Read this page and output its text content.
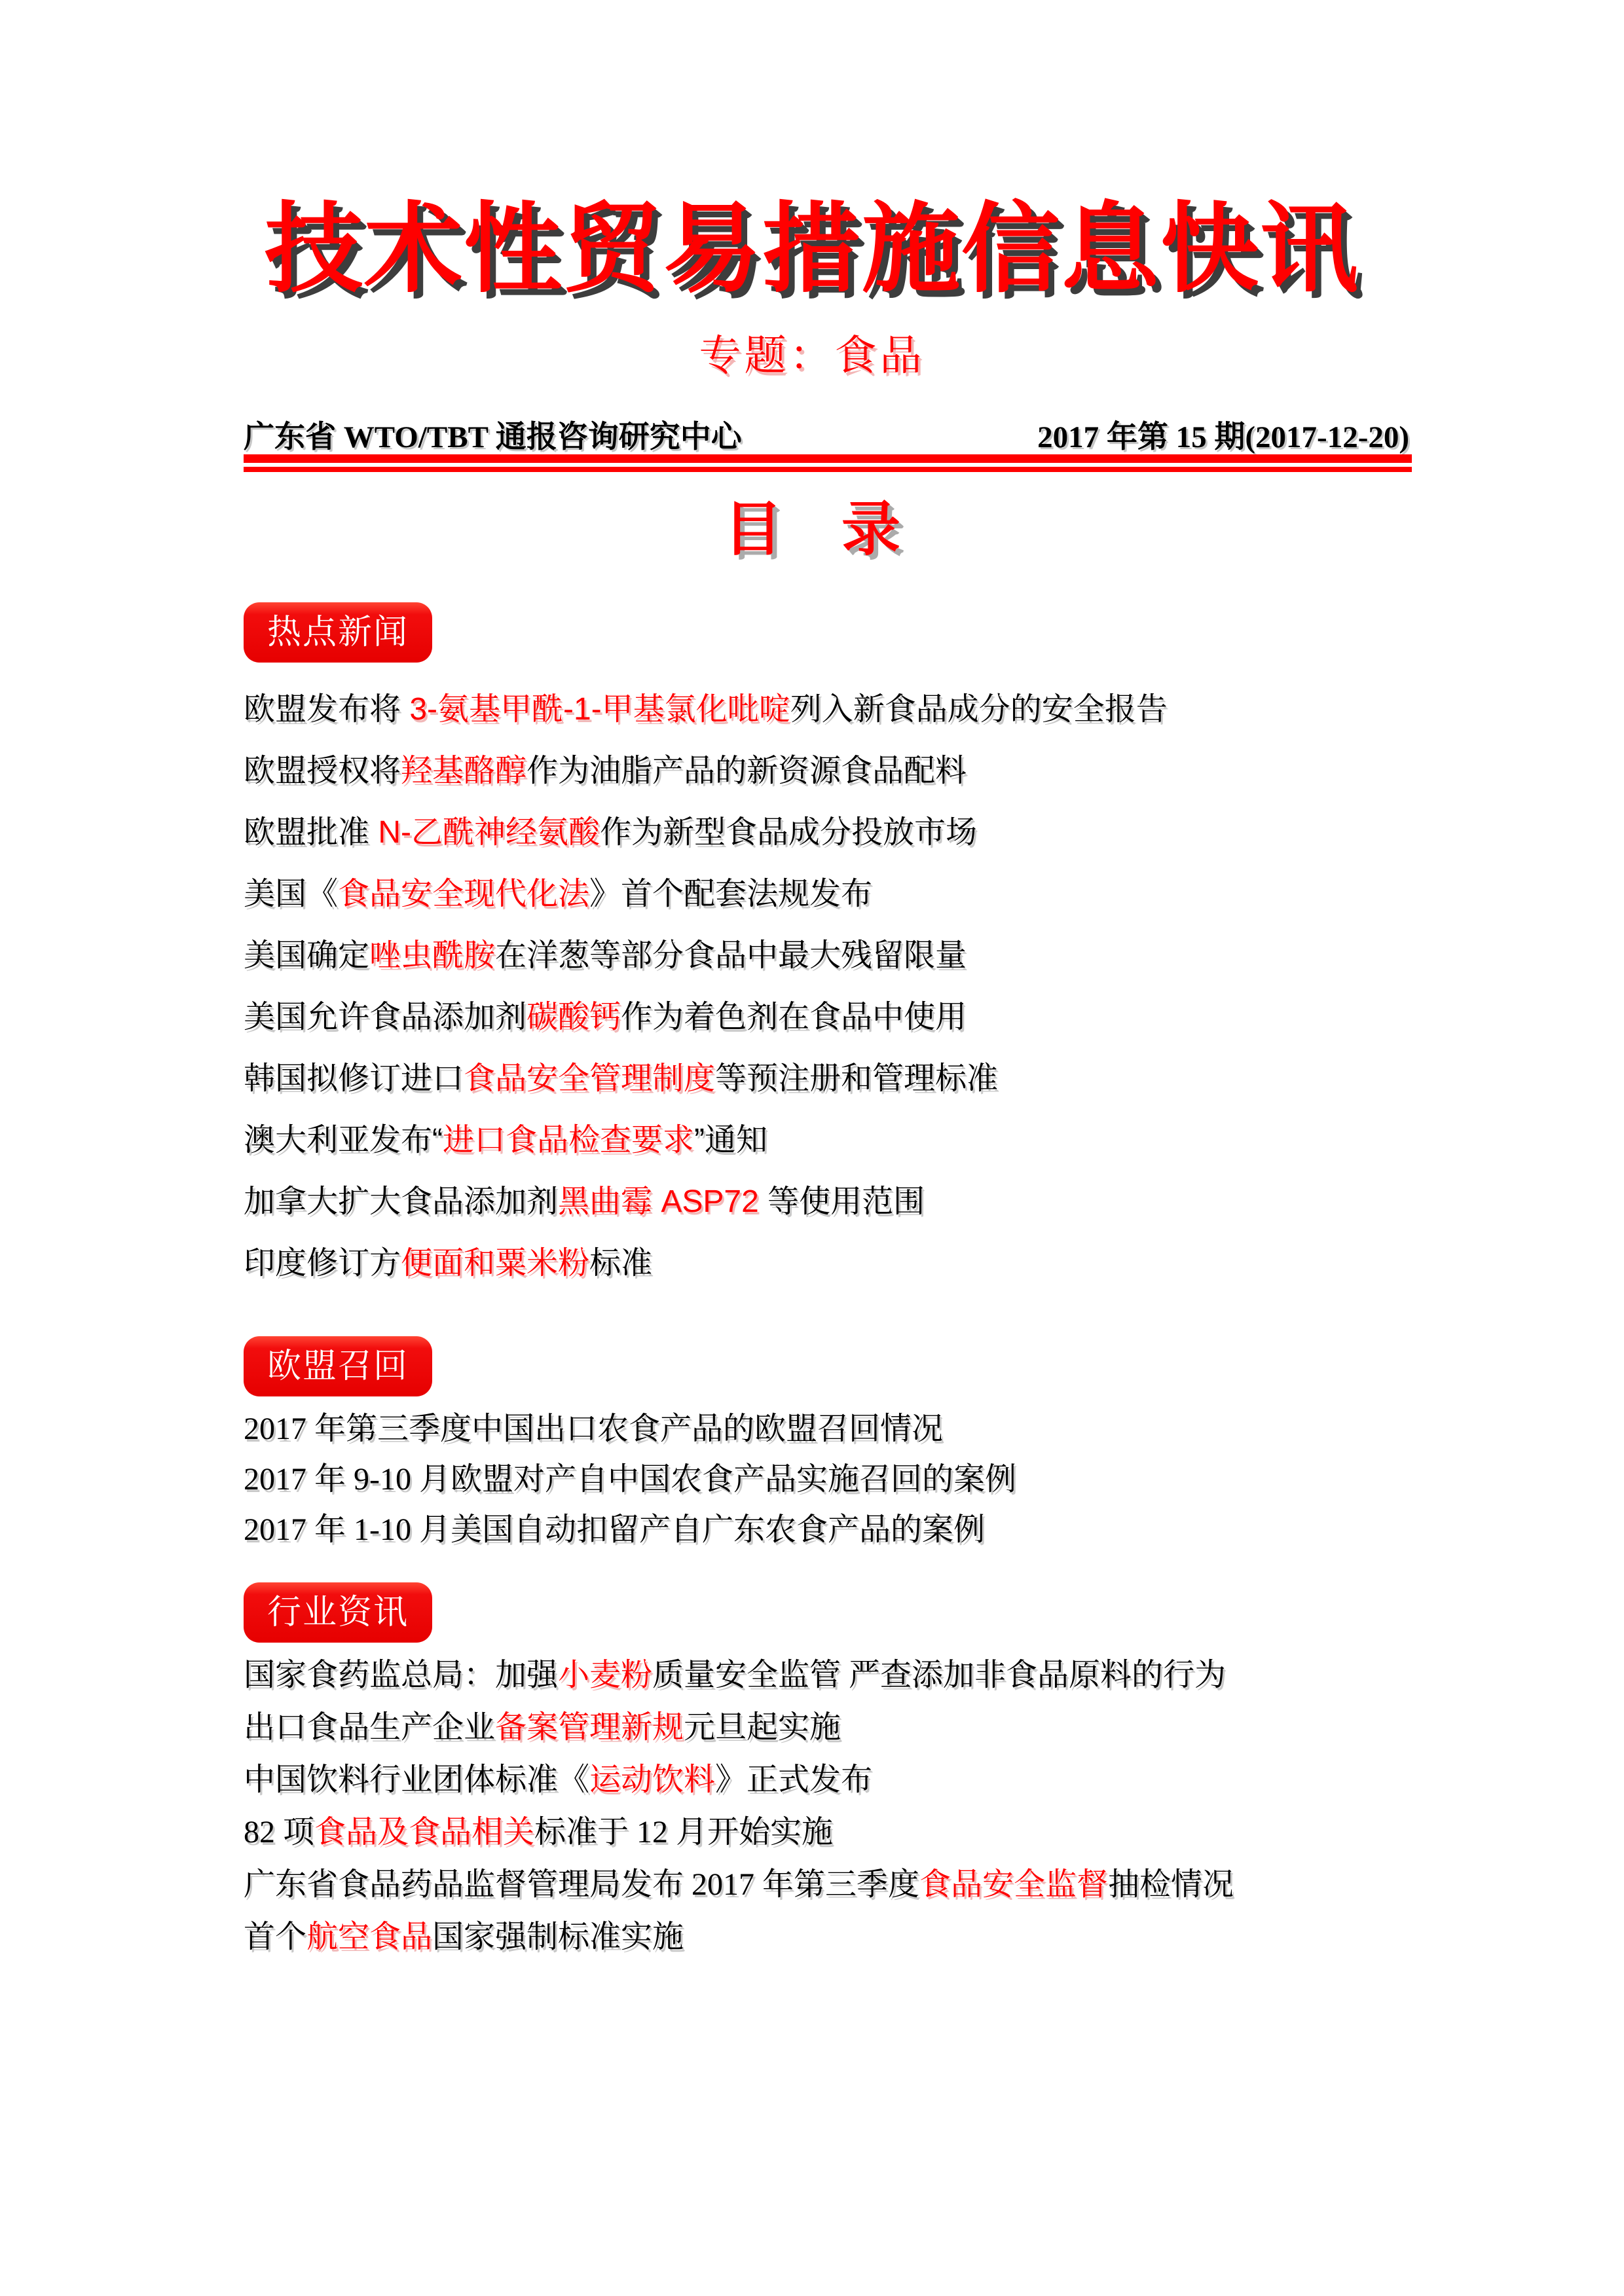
技术性贸易措施信息快讯
专题：食品
广东省 WTO/TBT 通报咨询研究中心	2017 年第 15 期(2017-12-20)
目　录
热点新闻

欧盟发布将 3-氨基甲酰-1-甲基氯化吡啶列入新食品成分的安全报告

欧盟授权将羟基酪醇作为油脂产品的新资源食品配料

欧盟批准 N-乙酰神经氨酸作为新型食品成分投放市场

美国《食品安全现代化法》首个配套法规发布

美国确定唑虫酰胺在洋葱等部分食品中最大残留限量

美国允许食品添加剂碳酸钙作为着色剂在食品中使用

韩国拟修订进口食品安全管理制度等预注册和管理标准

澳大利亚发布“进口食品检查要求”通知

加拿大扩大食品添加剂黑曲霉 ASP72 等使用范围

印度修订方便面和粟米粉标准

欧盟召回

2017 年第三季度中国出口农食产品的欧盟召回情况

2017 年 9-10 月欧盟对产自中国农食产品实施召回的案例

2017 年 1-10 月美国自动扣留产自广东农食产品的案例

行业资讯

国家食药监总局：加强小麦粉质量安全监管 严查添加非食品原料的行为

出口食品生产企业备案管理新规元旦起实施

中国饮料行业团体标准《运动饮料》正式发布

82 项食品及食品相关标准于 12 月开始实施

广东省食品药品监督管理局发布 2017 年第三季度食品安全监督抽检情况

首个航空食品国家强制标准实施
